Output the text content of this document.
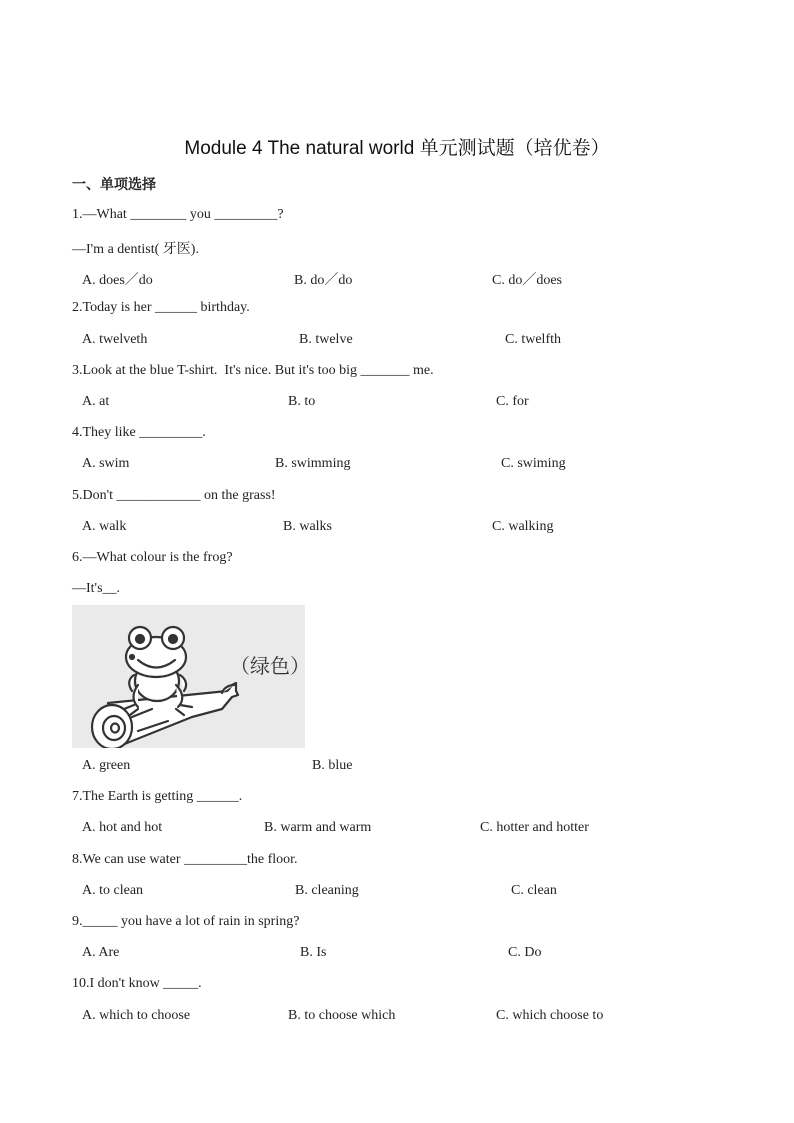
Module 4 The natural world 单元测试题（培优卷）
一、单项选择
1.—What ________ you _________?
—I'm a dentist( 牙医).
A. does／do	B. do／do	C. do／does
2.Today is her ______ birthday.
A. twelveth	B. twelve	C. twelfth
3.Look at the blue T-shirt.  It's nice. But it's too big _______ me.
A. at	B. to	C. for
4.They like _________.
A. swim	B. swimming	C. swiming
5.Don't ____________ on the grass!
A. walk	B. walks	C. walking
6.—What colour is the frog?
—It's__.
（绿色）
A. green	B. blue
7.The Earth is getting ______.
A. hot and hot	B. warm and warm	C. hotter and hotter
8.We can use water _________the floor.
A. to clean	B. cleaning	C. clean
9._____ you have a lot of rain in spring?
A. Are	B. Is	C. Do
10.I don't know _____.
A. which to choose	B. to choose which	C. which choose to
